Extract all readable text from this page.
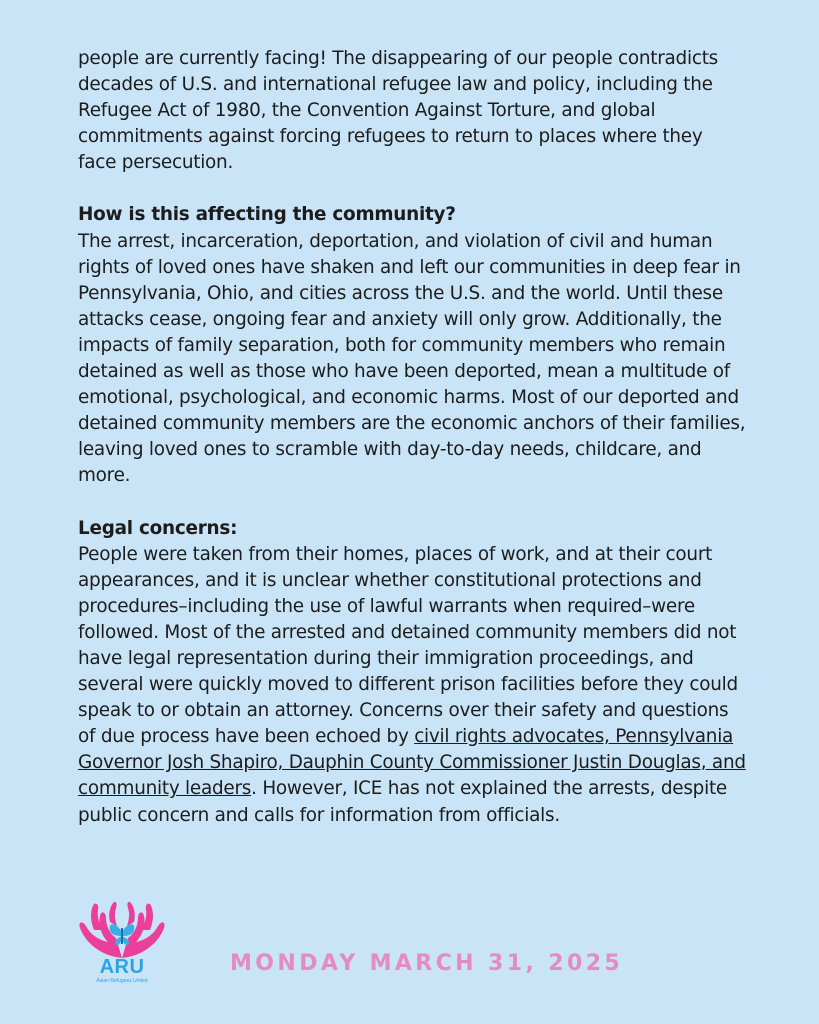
people are currently facing! The disappearing of our people contradicts decades of U.S. and international refugee law and policy, including the Refugee Act of 1980, the Convention Against Torture, and global commitments against forcing refugees to return to places where they face persecution.

How is this affecting the community?

The arrest, incarceration, deportation, and violation of civil and human rights of loved ones have shaken and left our communities in deep fear in Pennsylvania, Ohio, and cities across the U.S. and the world. Until these attacks cease, ongoing fear and anxiety will only grow. Additionally, the impacts of family separation, both for community members who remain detained as well as those who have been deported, mean a multitude of emotional, psychological, and economic harms. Most of our deported and detained community members are the economic anchors of their families, leaving loved ones to scramble with day-to-day needs, childcare, and more.

Legal concerns:

People were taken from their homes, places of work, and at their court appearances, and it is unclear whether constitutional protections and procedures–including the use of lawful warrants when required–were followed. Most of the arrested and detained community members did not have legal representation during their immigration proceedings, and several were quickly moved to different prison facilities before they could speak to or obtain an attorney. Concerns over their safety and questions of due process have been echoed by civil rights advocates, Pennsylvania Governor Josh Shapiro, Dauphin County Commissioner Justin Douglas, and community leaders. However, ICE has not explained the arrests, despite public concern and calls for information from officials.

ARU
Asian Refugees United
MONDAY MARCH 31, 2025
